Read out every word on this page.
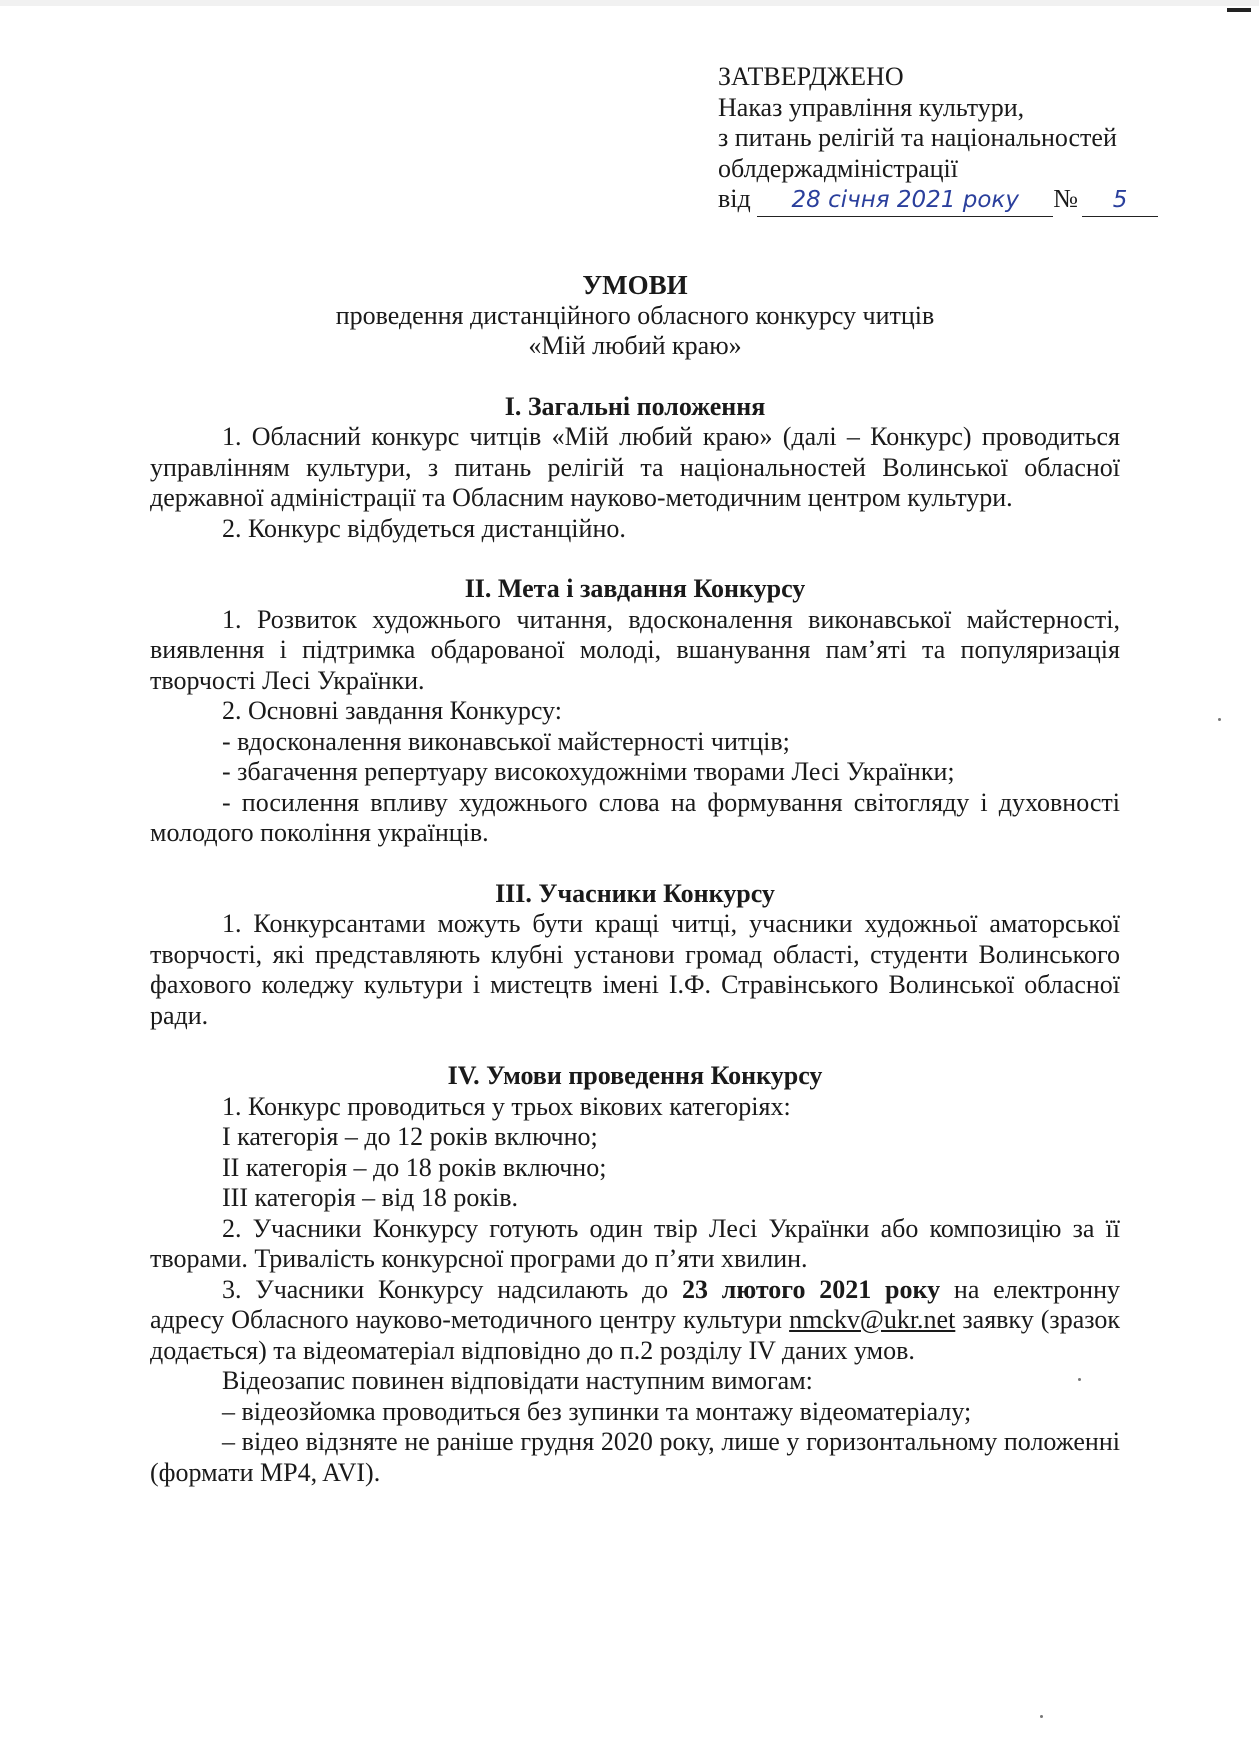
ЗАТВЕРДЖЕНО
Наказ управління культури,
з питань релігій та національностей
облдержадміністрації
від 28 січня 2021 року № 5
УМОВИ
проведення дистанційного обласного конкурсу читців
«Мій любий краю»
І. Загальні положення

1. Обласний конкурс читців «Мій любий краю» (далі – Конкурс) проводиться управлінням культури, з питань релігій та національностей Волинської обласної державної адміністрації та Обласним науково-методичним центром культури.

2. Конкурс відбудеться дистанційно.

ІІ. Мета і завдання Конкурсу

1. Розвиток художнього читання, вдосконалення виконавської майстерності, виявлення і підтримка обдарованої молоді, вшанування пам’яті та популяризація творчості Лесі Українки.

2. Основні завдання Конкурсу:

- вдосконалення виконавської майстерності читців;

- збагачення репертуару високохудожніми творами Лесі Українки;

- посилення впливу художнього слова на формування світогляду і духовності молодого покоління українців.

ІІІ. Учасники Конкурсу

1. Конкурсантами можуть бути кращі читці, учасники художньої аматорської творчості, які представляють клубні установи громад області, студенти Волинського фахового коледжу культури і мистецтв імені І.Ф. Стравінського Волинської обласної ради.

IV. Умови проведення Конкурсу

1. Конкурс проводиться у трьох вікових категоріях:

І категорія – до 12 років включно;

ІІ категорія – до 18 років включно;

ІІІ категорія – від 18 років.

2. Учасники Конкурсу готують один твір Лесі Українки або композицію за її творами. Тривалість конкурсної програми до п’яти хвилин.

3. Учасники Конкурсу надсилають до 23 лютого 2021 року на електронну адресу Обласного науково-методичного центру культури nmckv@ukr.net заявку (зразок додається) та відеоматеріал відповідно до п.2 розділу IV даних умов.

Відеозапис повинен відповідати наступним вимогам:

– відеозйомка проводиться без зупинки та монтажу відеоматеріалу;

– відео відзняте не раніше грудня 2020 року, лише у горизонтальному положенні (формати MP4, AVI).
